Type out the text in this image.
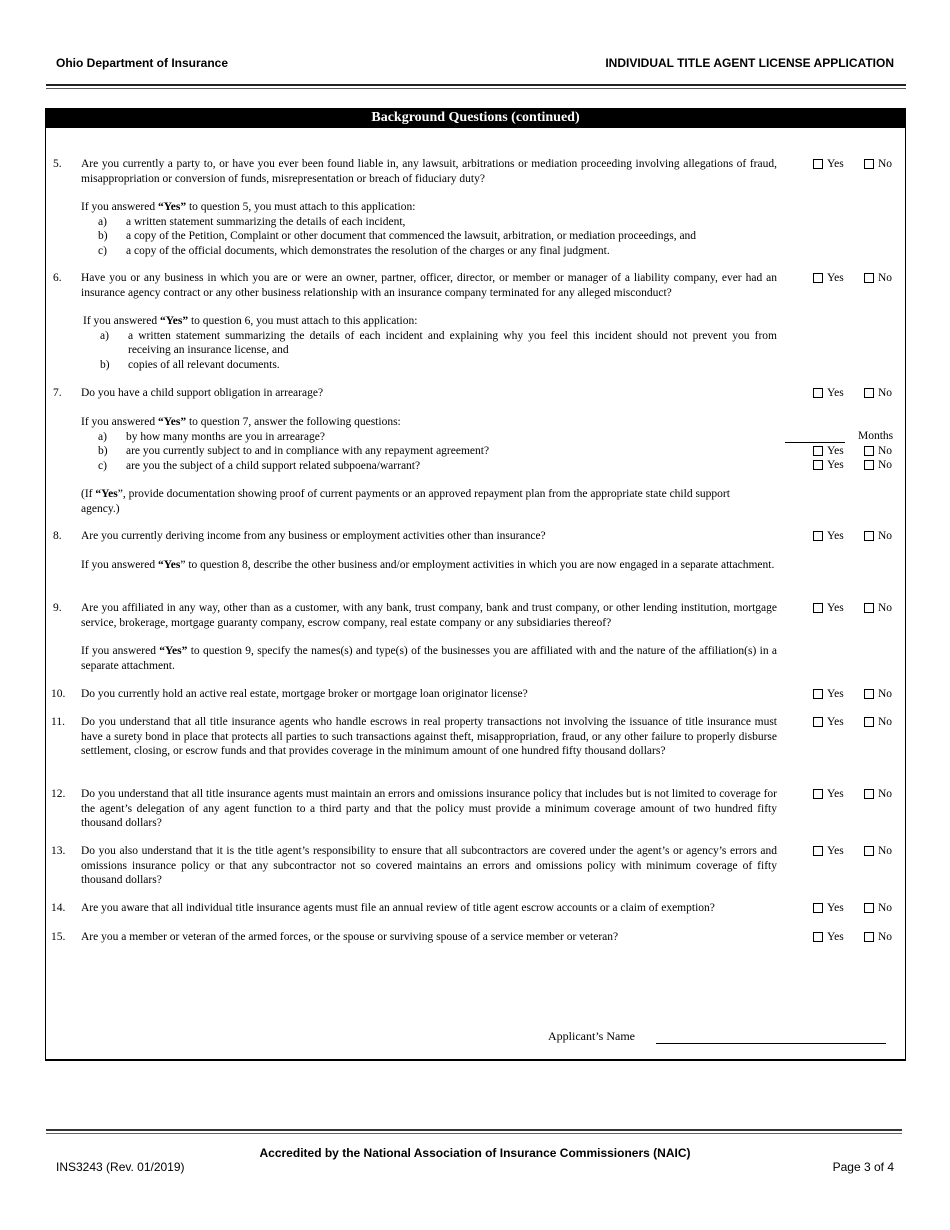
Ohio Department of Insurance	INDIVIDUAL TITLE AGENT LICENSE APPLICATION
Background Questions (continued)
5. Are you currently a party to, or have you ever been found liable in, any lawsuit, arbitrations or mediation proceeding involving allegations of fraud, misappropriation or conversion of funds, misrepresentation or breach of fiduciary duty?
Yes	No
If you answered “Yes” to question 5, you must attach to this application:
a)	a written statement summarizing the details of each incident,
b)	a copy of the Petition, Complaint or other document that commenced the lawsuit, arbitration, or mediation proceedings, and
c)	a copy of the official documents, which demonstrates the resolution of the charges or any final judgment.
6. Have you or any business in which you are or were an owner, partner, officer, director, or member or manager of a liability company, ever had an insurance agency contract or any other business relationship with an insurance company terminated for any alleged misconduct?
Yes	No
If you answered “Yes” to question 6, you must attach to this application:
a)	a written statement summarizing the details of each incident and explaining why you feel this incident should not prevent you from receiving an insurance license, and
b)	copies of all relevant documents.
7. Do you have a child support obligation in arrearage?	Yes	No
If you answered “Yes” to question 7, answer the following questions:
a)	by how many months are you in arrearage?
b)	are you currently subject to and in compliance with any repayment agreement?
c)	are you the subject of a child support related subpoena/warrant?
Months
Yes	No
Yes	No
(If “Yes”, provide documentation showing proof of current payments or an approved repayment plan from the appropriate state child support agency.)
8. Are you currently deriving income from any business or employment activities other than insurance?	Yes	No
If you answered “Yes” to question 8, describe the other business and/or employment activities in which you are now engaged in a separate attachment.
9. Are you affiliated in any way, other than as a customer, with any bank, trust company, bank and trust company, or other lending institution, mortgage service, brokerage, mortgage guaranty company, escrow company, real estate company or any subsidiaries thereof?
Yes	No
If you answered “Yes” to question 9, specify the names(s) and type(s) of the businesses you are affiliated with and the nature of the affiliation(s) in a separate attachment.
10. Do you currently hold an active real estate, mortgage broker or mortgage loan originator license?	Yes	No
11. Do you understand that all title insurance agents who handle escrows in real property transactions not involving the issuance of title insurance must have a surety bond in place that protects all parties to such transactions against theft, misappropriation, fraud, or any other failure to properly disburse settlement, closing, or escrow funds and that provides coverage in the minimum amount of one hundred fifty thousand dollars?
Yes	No
12. Do you understand that all title insurance agents must maintain an errors and omissions insurance policy that includes but is not limited to coverage for the agent’s delegation of any agent function to a third party and that the policy must provide a minimum coverage amount of two hundred fifty thousand dollars?
Yes	No
13. Do you also understand that it is the title agent’s responsibility to ensure that all subcontractors are covered under the agent’s or agency’s errors and omissions insurance policy or that any subcontractor not so covered maintains an errors and omissions policy with minimum coverage of fifty thousand dollars?
Yes	No
14. Are you aware that all individual title insurance agents must file an annual review of title agent escrow accounts or a claim of exemption?	Yes	No
15. Are you a member or veteran of the armed forces, or the spouse or surviving spouse of a service member or veteran?	Yes	No
Applicant’s Name
Accredited by the National Association of Insurance Commissioners (NAIC)
INS3243 (Rev. 01/2019)	Page 3 of 4
